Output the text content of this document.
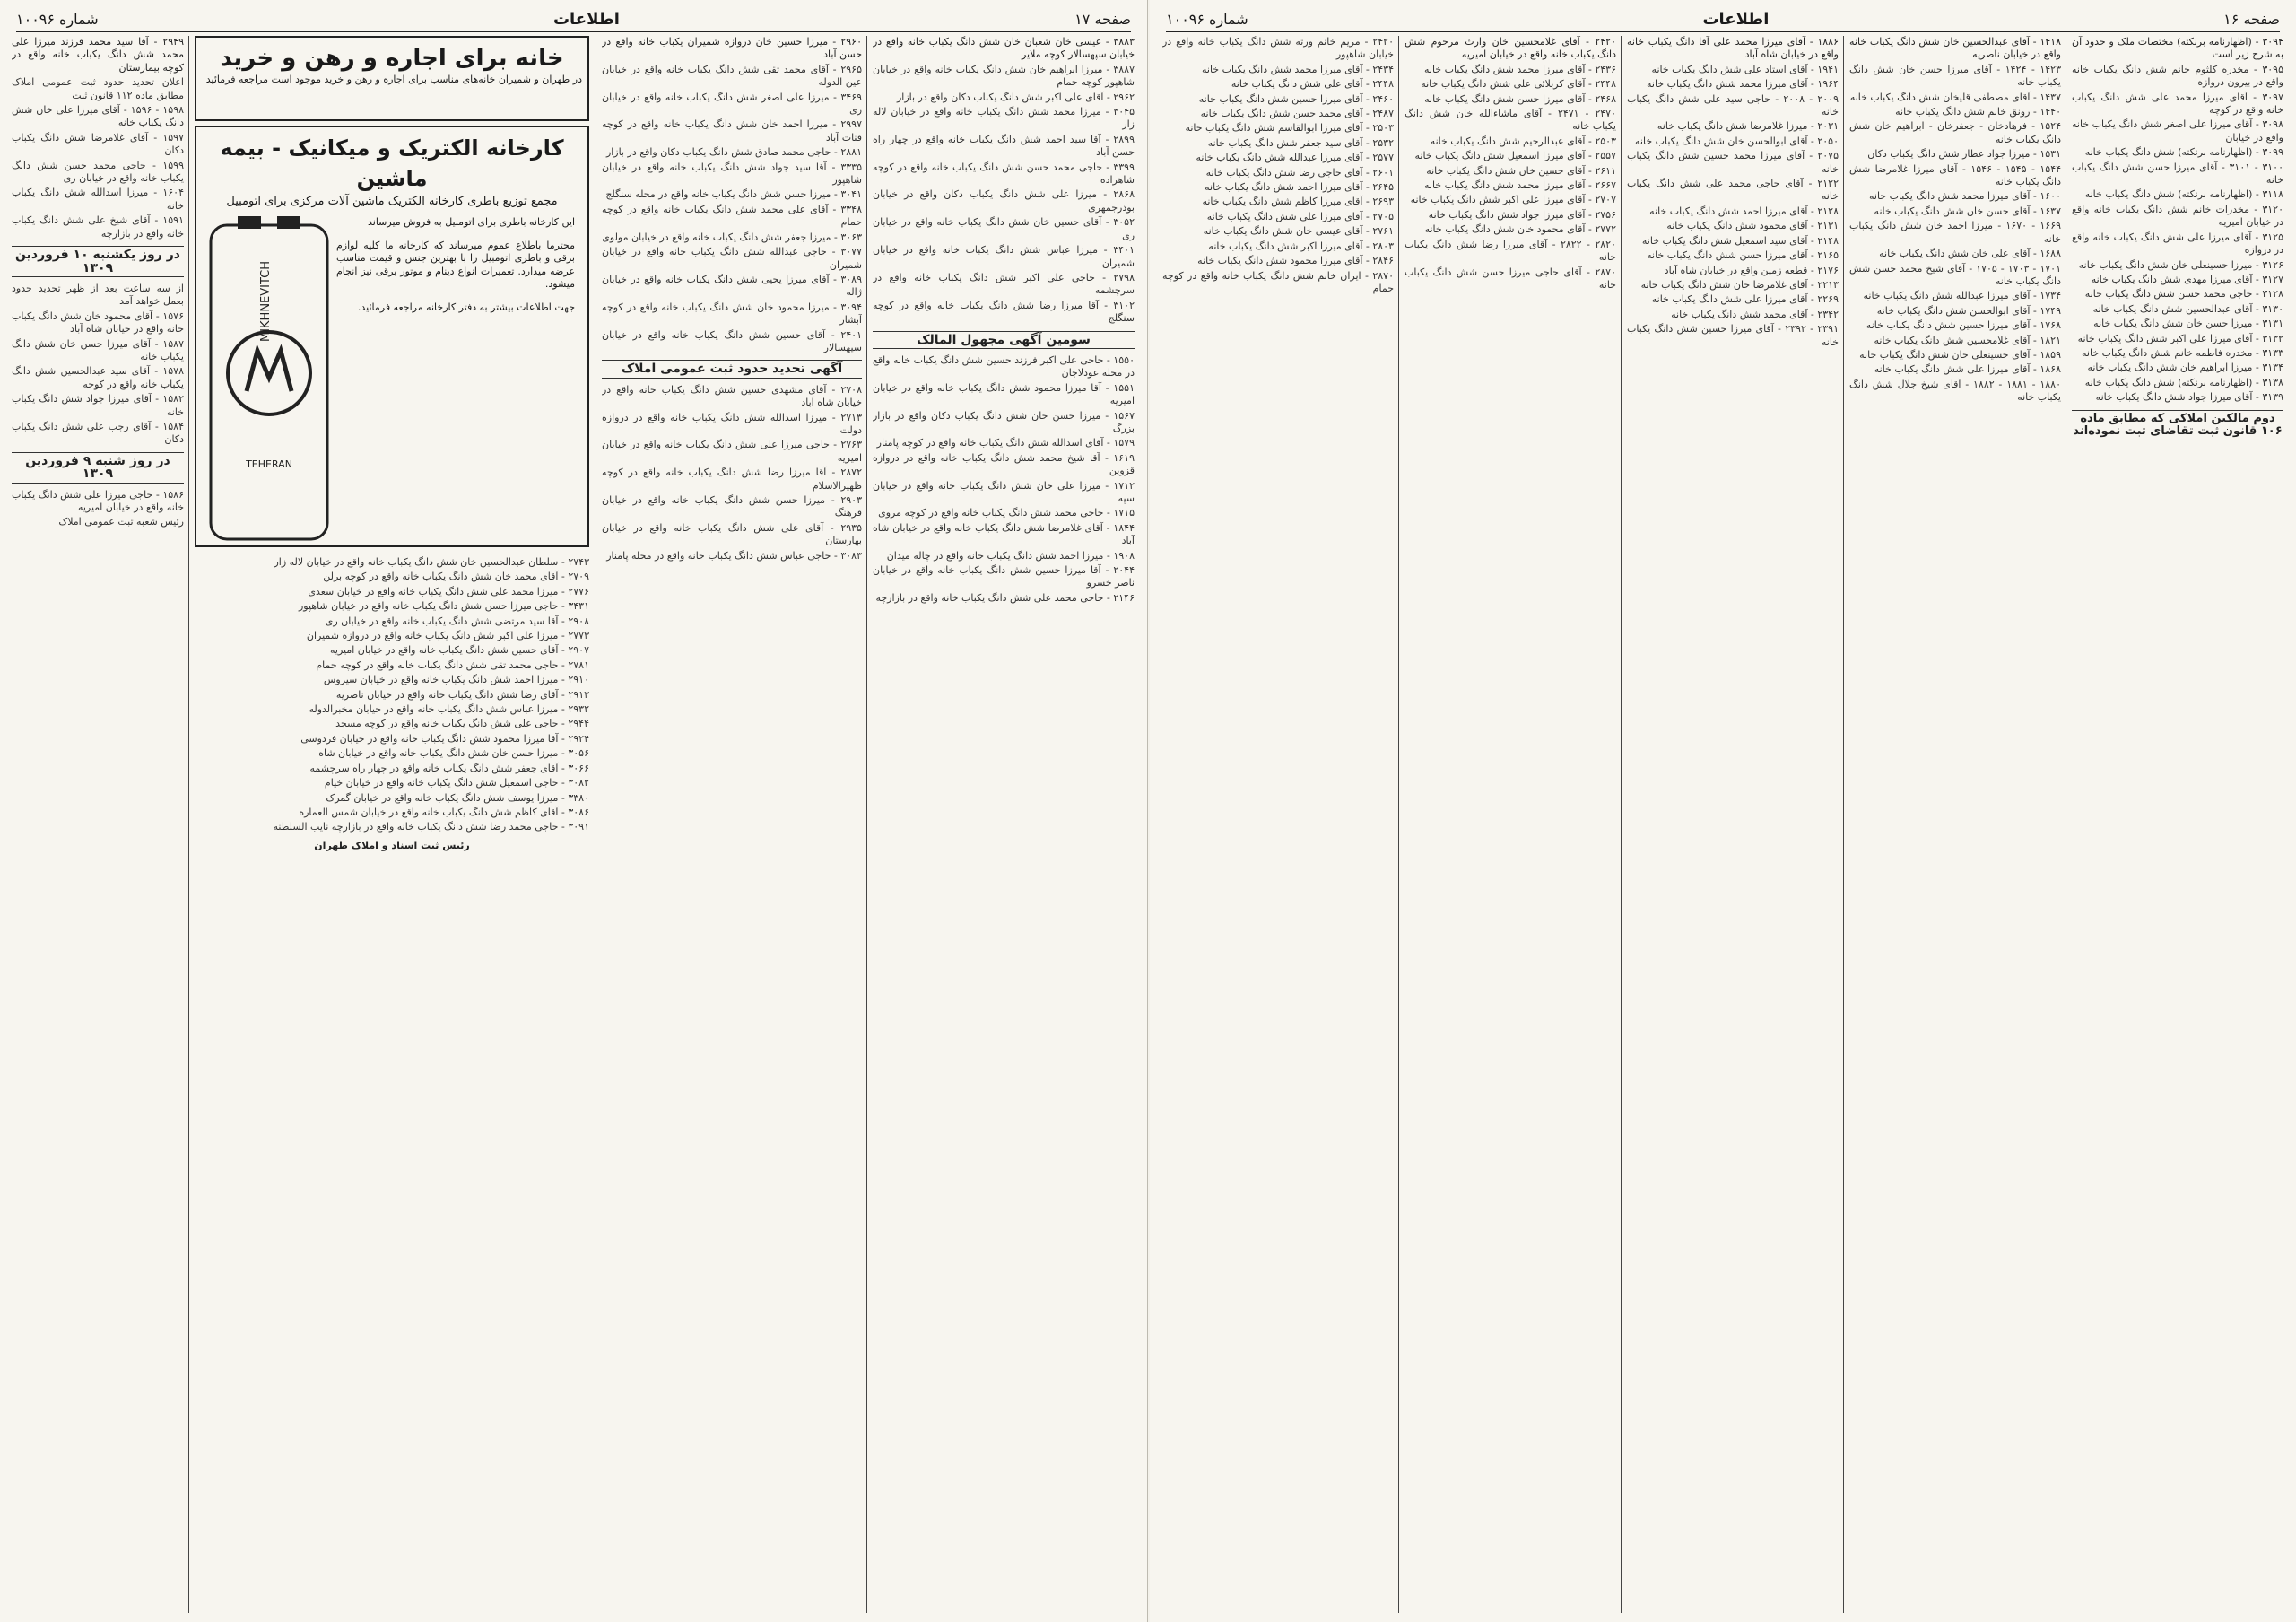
صفحه ۱۷
اطلاعات
شماره ۱۰۰۹۶
۳۸۸۳ - عیسی خان شعبان خان شش دانگ یکباب خانه واقع در خیابان سپهسالار کوچه ملایر

۳۸۸۷ - میرزا ابراهیم خان شش دانگ یکباب خانه واقع در خیابان شاهپور کوچه حمام

۲۹۶۲ - آقای علی اکبر شش دانگ یکباب دکان واقع در بازار

۳۰۴۵ - میرزا محمد شش دانگ یکباب خانه واقع در خیابان لاله زار

۲۸۹۹ - آقا سید احمد شش دانگ یکباب خانه واقع در چهار راه حسن آباد

۳۳۹۹ - حاجی محمد حسن شش دانگ یکباب خانه واقع در کوچه شاهزاده

۲۸۶۸ - میرزا علی شش دانگ یکباب دکان واقع در خیابان بوذرجمهری

۳۰۵۲ - آقای حسین خان شش دانگ یکباب خانه واقع در خیابان ری

۳۴۰۱ - میرزا عباس شش دانگ یکباب خانه واقع در خیابان شمیران

۲۷۹۸ - حاجی علی اکبر شش دانگ یکباب خانه واقع در سرچشمه

۳۱۰۲ - آقا میرزا رضا شش دانگ یکباب خانه واقع در کوچه سنگلج

سومین آگهی مجهول المالک

۱۵۵۰ - حاجی علی اکبر فرزند حسین شش دانگ یکباب خانه واقع در محله عودلاجان

۱۵۵۱ - آقا میرزا محمود شش دانگ یکباب خانه واقع در خیابان امیریه

۱۵۶۷ - میرزا حسن خان شش دانگ یکباب دکان واقع در بازار بزرگ

۱۵۷۹ - آقای اسدالله شش دانگ یکباب خانه واقع در کوچه پامنار

۱۶۱۹ - آقا شیخ محمد شش دانگ یکباب خانه واقع در دروازه قزوین

۱۷۱۲ - میرزا علی خان شش دانگ یکباب خانه واقع در خیابان سپه

۱۷۱۵ - حاجی محمد شش دانگ یکباب خانه واقع در کوچه مروی

۱۸۴۴ - آقای غلامرضا شش دانگ یکباب خانه واقع در خیابان شاه آباد

۱۹۰۸ - میرزا احمد شش دانگ یکباب خانه واقع در چاله میدان

۲۰۴۴ - آقا میرزا حسین شش دانگ یکباب خانه واقع در خیابان ناصر خسرو

۲۱۴۶ - حاجی محمد علی شش دانگ یکباب خانه واقع در بازارچه

۲۹۶۰ - میرزا حسین خان دروازه شمیران یکباب خانه واقع در حسن آباد

۲۹۶۵ - آقای محمد تقی شش دانگ یکباب خانه واقع در خیابان عین الدوله

۳۴۶۹ - میرزا علی اصغر شش دانگ یکباب خانه واقع در خیابان ری

۲۹۹۷ - میرزا احمد خان شش دانگ یکباب خانه واقع در کوچه قنات آباد

۲۸۸۱ - حاجی محمد صادق شش دانگ یکباب دکان واقع در بازار

۳۳۳۵ - آقا سید جواد شش دانگ یکباب خانه واقع در خیابان شاهپور

۳۰۴۱ - میرزا حسن شش دانگ یکباب خانه واقع در محله سنگلج

۳۳۴۸ - آقای علی محمد شش دانگ یکباب خانه واقع در کوچه حمام

۳۰۶۳ - میرزا جعفر شش دانگ یکباب خانه واقع در خیابان مولوی

۳۰۷۷ - حاجی عبدالله شش دانگ یکباب خانه واقع در خیابان شمیران

۳۰۸۹ - آقای میرزا یحیی شش دانگ یکباب خانه واقع در خیابان ژاله

۳۰۹۴ - میرزا محمود خان شش دانگ یکباب خانه واقع در کوچه آبشار

۲۴۰۱ - آقای حسین شش دانگ یکباب خانه واقع در خیابان سپهسالار

آگهی تحدید حدود ثبت عمومی املاک

۲۷۰۸ - آقای مشهدی حسین شش دانگ یکباب خانه واقع در خیابان شاه آباد

۲۷۱۳ - میرزا اسدالله شش دانگ یکباب خانه واقع در دروازه دولت

۲۷۶۳ - حاجی میرزا علی شش دانگ یکباب خانه واقع در خیابان امیریه

۲۸۷۲ - آقا میرزا رضا شش دانگ یکباب خانه واقع در کوچه ظهیرالاسلام

۲۹۰۳ - میرزا حسن شش دانگ یکباب خانه واقع در خیابان فرهنگ

۲۹۳۵ - آقای علی شش دانگ یکباب خانه واقع در خیابان بهارستان

۳۰۸۳ - حاجی عباس شش دانگ یکباب خانه واقع در محله پامنار

خانه برای اجاره و رهن و خرید
در طهران و شمیران خانه‌های مناسب برای اجاره و رهن و خرید موجود است مراجعه فرمائید
کارخانه الکتریک و میکانیک - بیمه ماشین
مجمع توزیع باطری کارخانه الکتریک ماشین آلات مرکزی برای اتومبیل
MIKHNEVITCH
TEHERAN
این کارخانه باطری برای اتومبیل به فروش میرساند

محترما باطلاع عموم میرساند که کارخانه ما کلیه لوازم برقی و باطری اتومبیل را با بهترین جنس و قیمت مناسب عرضه میدارد. تعمیرات انواع دینام و موتور برقی نیز انجام میشود.

جهت اطلاعات بیشتر به دفتر کارخانه مراجعه فرمائید.

۲۷۴۳ - سلطان عبدالحسین خان شش دانگ یکباب خانه واقع در خیابان لاله زار

۲۷۰۹ - آقای محمد خان شش دانگ یکباب خانه واقع در کوچه برلن

۲۷۷۶ - میرزا محمد علی شش دانگ یکباب خانه واقع در خیابان سعدی

۳۴۳۱ - حاجی میرزا حسن شش دانگ یکباب خانه واقع در خیابان شاهپور

۲۹۰۸ - آقا سید مرتضی شش دانگ یکباب خانه واقع در خیابان ری

۲۷۷۳ - میرزا علی اکبر شش دانگ یکباب خانه واقع در دروازه شمیران

۲۹۰۷ - آقای حسین شش دانگ یکباب خانه واقع در خیابان امیریه

۲۷۸۱ - حاجی محمد تقی شش دانگ یکباب خانه واقع در کوچه حمام

۲۹۱۰ - میرزا احمد شش دانگ یکباب خانه واقع در خیابان سیروس

۲۹۱۳ - آقای رضا شش دانگ یکباب خانه واقع در خیابان ناصریه

۲۹۳۲ - میرزا عباس شش دانگ یکباب خانه واقع در خیابان مخبرالدوله

۲۹۴۴ - حاجی علی شش دانگ یکباب خانه واقع در کوچه مسجد

۲۹۲۴ - آقا میرزا محمود شش دانگ یکباب خانه واقع در خیابان فردوسی

۳۰۵۶ - میرزا حسن خان شش دانگ یکباب خانه واقع در خیابان شاه

۳۰۶۶ - آقای جعفر شش دانگ یکباب خانه واقع در چهار راه سرچشمه

۳۰۸۲ - حاجی اسمعیل شش دانگ یکباب خانه واقع در خیابان خیام

۳۳۸۰ - میرزا یوسف شش دانگ یکباب خانه واقع در خیابان گمرک

۳۰۸۶ - آقای کاظم شش دانگ یکباب خانه واقع در خیابان شمس العماره

۳۰۹۱ - حاجی محمد رضا شش دانگ یکباب خانه واقع در بازارچه نایب السلطنه

رئیس ثبت اسناد و املاک طهران
۲۹۴۹ - آقا سید محمد فرزند میرزا علی محمد شش دانگ یکباب خانه واقع در کوچه بیمارستان

اعلان تحدید حدود ثبت عمومی املاک مطابق ماده ۱۱۲ قانون ثبت

۱۵۹۸ - ۱۵۹۶ - آقای میرزا علی خان شش دانگ یکباب خانه

۱۵۹۷ - آقای غلامرضا شش دانگ یکباب دکان

۱۵۹۹ - حاجی محمد حسن شش دانگ یکباب خانه واقع در خیابان ری

۱۶۰۴ - میرزا اسدالله شش دانگ یکباب خانه

۱۵۹۱ - آقای شیخ علی شش دانگ یکباب خانه واقع در بازارچه

در روز یکشنبه ۱۰ فروردین ۱۳۰۹

از سه ساعت بعد از ظهر تحدید حدود بعمل خواهد آمد

۱۵۷۶ - آقای محمود خان شش دانگ یکباب خانه واقع در خیابان شاه آباد

۱۵۸۷ - آقای میرزا حسن خان شش دانگ یکباب خانه

۱۵۷۸ - آقای سید عبدالحسین شش دانگ یکباب خانه واقع در کوچه

۱۵۸۲ - آقای میرزا جواد شش دانگ یکباب خانه

۱۵۸۴ - آقای رجب علی شش دانگ یکباب دکان

در روز شنبه ۹ فروردین ۱۳۰۹

۱۵۸۶ - حاجی میرزا علی شش دانگ یکباب خانه واقع در خیابان امیریه

رئیس شعبه ثبت عمومی املاک

صفحه ۱۶
اطلاعات
شماره ۱۰۰۹۶
۳۰۹۴ - (اظهارنامه برنکته) مختصات ملک و حدود آن به شرح زیر است

۳۰۹۵ - مخدره کلثوم خانم شش دانگ یکباب خانه واقع در بیرون دروازه

۳۰۹۷ - آقای میرزا محمد علی شش دانگ یکباب خانه واقع در کوچه

۳۰۹۸ - آقای میرزا علی اصغر شش دانگ یکباب خانه واقع در خیابان

۳۰۹۹ - (اظهارنامه برنکته) شش دانگ یکباب خانه

۳۱۰۰ - ۳۱۰۱ - آقای میرزا حسن شش دانگ یکباب خانه

۳۱۱۸ - (اظهارنامه برنکته) شش دانگ یکباب خانه

۳۱۲۰ - مخدرات خانم شش دانگ یکباب خانه واقع در خیابان امیریه

۳۱۲۵ - آقای میرزا علی شش دانگ یکباب خانه واقع در دروازه

۳۱۲۶ - میرزا حسینعلی خان شش دانگ یکباب خانه

۳۱۲۷ - آقای میرزا مهدی شش دانگ یکباب خانه

۳۱۲۸ - حاجی محمد حسن شش دانگ یکباب خانه

۳۱۳۰ - آقای عبدالحسین شش دانگ یکباب خانه

۳۱۳۱ - میرزا حسن خان شش دانگ یکباب خانه

۳۱۳۲ - آقای میرزا علی اکبر شش دانگ یکباب خانه

۳۱۳۳ - مخدره فاطمه خانم شش دانگ یکباب خانه

۳۱۳۴ - میرزا ابراهیم خان شش دانگ یکباب خانه

۳۱۳۸ - (اظهارنامه برنکته) شش دانگ یکباب خانه

۳۱۳۹ - آقای میرزا جواد شش دانگ یکباب خانه

دوم مالکین املاکی که مطابق ماده ۱۰۶ قانون ثبت تقاضای ثبت نموده‌اند
۱۴۱۸ - آقای عبدالحسین خان شش دانگ یکباب خانه واقع در خیابان ناصریه

۱۴۲۳ - ۱۴۲۴ - آقای میرزا حسن خان شش دانگ یکباب خانه

۱۴۳۷ - آقای مصطفی قلیخان شش دانگ یکباب خانه

۱۴۴۰ - رونق خانم شش دانگ یکباب خانه

۱۵۲۴ - فرهادخان - جعفرخان - ابراهیم خان شش دانگ یکباب خانه

۱۵۳۱ - میرزا جواد عطار شش دانگ یکباب دکان

۱۵۴۴ - ۱۵۴۵ - ۱۵۴۶ - آقای میرزا غلامرضا شش دانگ یکباب خانه

۱۶۰۰ - آقای میرزا محمد شش دانگ یکباب خانه

۱۶۳۷ - آقای حسن خان شش دانگ یکباب خانه

۱۶۶۹ - ۱۶۷۰ - میرزا احمد خان شش دانگ یکباب خانه

۱۶۸۸ - آقای علی خان شش دانگ یکباب خانه

۱۷۰۱ - ۱۷۰۳ - ۱۷۰۵ - آقای شیخ محمد حسن شش دانگ یکباب خانه

۱۷۳۴ - آقای میرزا عبدالله شش دانگ یکباب خانه

۱۷۴۹ - آقای ابوالحسن شش دانگ یکباب خانه

۱۷۶۸ - آقای میرزا حسین شش دانگ یکباب خانه

۱۸۲۱ - آقای غلامحسین شش دانگ یکباب خانه

۱۸۵۹ - آقای حسینعلی خان شش دانگ یکباب خانه

۱۸۶۸ - آقای میرزا علی شش دانگ یکباب خانه

۱۸۸۰ - ۱۸۸۱ - ۱۸۸۲ - آقای شیخ جلال شش دانگ یکباب خانه

۱۸۸۶ - آقای میرزا محمد علی آقا دانگ یکباب خانه واقع در خیابان شاه آباد

۱۹۴۱ - آقای استاد علی شش دانگ یکباب خانه

۱۹۶۴ - آقای میرزا محمد شش دانگ یکباب خانه

۲۰۰۹ - ۲۰۰۸ - حاجی سید علی شش دانگ یکباب خانه

۲۰۳۱ - میرزا غلامرضا شش دانگ یکباب خانه

۲۰۵۰ - آقای ابوالحسن خان شش دانگ یکباب خانه

۲۰۷۵ - آقای میرزا محمد حسین شش دانگ یکباب خانه

۲۱۲۲ - آقای حاجی محمد علی شش دانگ یکباب خانه

۲۱۲۸ - آقای میرزا احمد شش دانگ یکباب خانه

۲۱۳۱ - آقای محمود شش دانگ یکباب خانه

۲۱۴۸ - آقای سید اسمعیل شش دانگ یکباب خانه

۲۱۶۵ - آقای میرزا حسن شش دانگ یکباب خانه

۲۱۷۶ - قطعه زمین واقع در خیابان شاه آباد

۲۲۱۳ - آقای غلامرضا خان شش دانگ یکباب خانه

۲۲۶۹ - آقای میرزا علی شش دانگ یکباب خانه

۲۳۴۲ - آقای محمد شش دانگ یکباب خانه

۲۳۹۱ - ۲۳۹۲ - آقای میرزا حسین شش دانگ یکباب خانه

۲۴۲۰ - آقای غلامحسین خان وارث مرحوم شش دانگ یکباب خانه واقع در خیابان امیریه

۲۴۳۶ - آقای میرزا محمد شش دانگ یکباب خانه

۲۴۴۸ - آقای کربلائی علی شش دانگ یکباب خانه

۲۴۶۸ - آقای میرزا حسن شش دانگ یکباب خانه

۲۴۷۰ - ۲۴۷۱ - آقای ماشاءالله خان شش دانگ یکباب خانه

۲۵۰۳ - آقای عبدالرحیم شش دانگ یکباب خانه

۲۵۵۷ - آقای میرزا اسمعیل شش دانگ یکباب خانه

۲۶۱۱ - آقای حسین خان شش دانگ یکباب خانه

۲۶۶۷ - آقای میرزا محمد شش دانگ یکباب خانه

۲۷۰۷ - آقای میرزا علی اکبر شش دانگ یکباب خانه

۲۷۵۶ - آقای میرزا جواد شش دانگ یکباب خانه

۲۷۷۲ - آقای محمود خان شش دانگ یکباب خانه

۲۸۲۰ - ۲۸۲۲ - آقای میرزا رضا شش دانگ یکباب خانه

۲۸۷۰ - آقای حاجی میرزا حسن شش دانگ یکباب خانه

۲۴۲۰ - مریم خانم ورثه شش دانگ یکباب خانه واقع در خیابان شاهپور

۲۴۳۴ - آقای میرزا محمد شش دانگ یکباب خانه

۲۴۴۸ - آقای علی شش دانگ یکباب خانه

۲۴۶۰ - آقای میرزا حسین شش دانگ یکباب خانه

۲۴۸۷ - آقای محمد حسن شش دانگ یکباب خانه

۲۵۰۳ - آقای میرزا ابوالقاسم شش دانگ یکباب خانه

۲۵۳۲ - آقای سید جعفر شش دانگ یکباب خانه

۲۵۷۷ - آقای میرزا عبدالله شش دانگ یکباب خانه

۲۶۰۱ - آقای حاجی رضا شش دانگ یکباب خانه

۲۶۴۵ - آقای میرزا احمد شش دانگ یکباب خانه

۲۶۹۳ - آقای میرزا کاظم شش دانگ یکباب خانه

۲۷۰۵ - آقای میرزا علی شش دانگ یکباب خانه

۲۷۶۱ - آقای عیسی خان شش دانگ یکباب خانه

۲۸۰۳ - آقای میرزا اکبر شش دانگ یکباب خانه

۲۸۴۶ - آقای میرزا محمود شش دانگ یکباب خانه

۲۸۷۰ - ایران خانم شش دانگ یکباب خانه واقع در کوچه حمام
